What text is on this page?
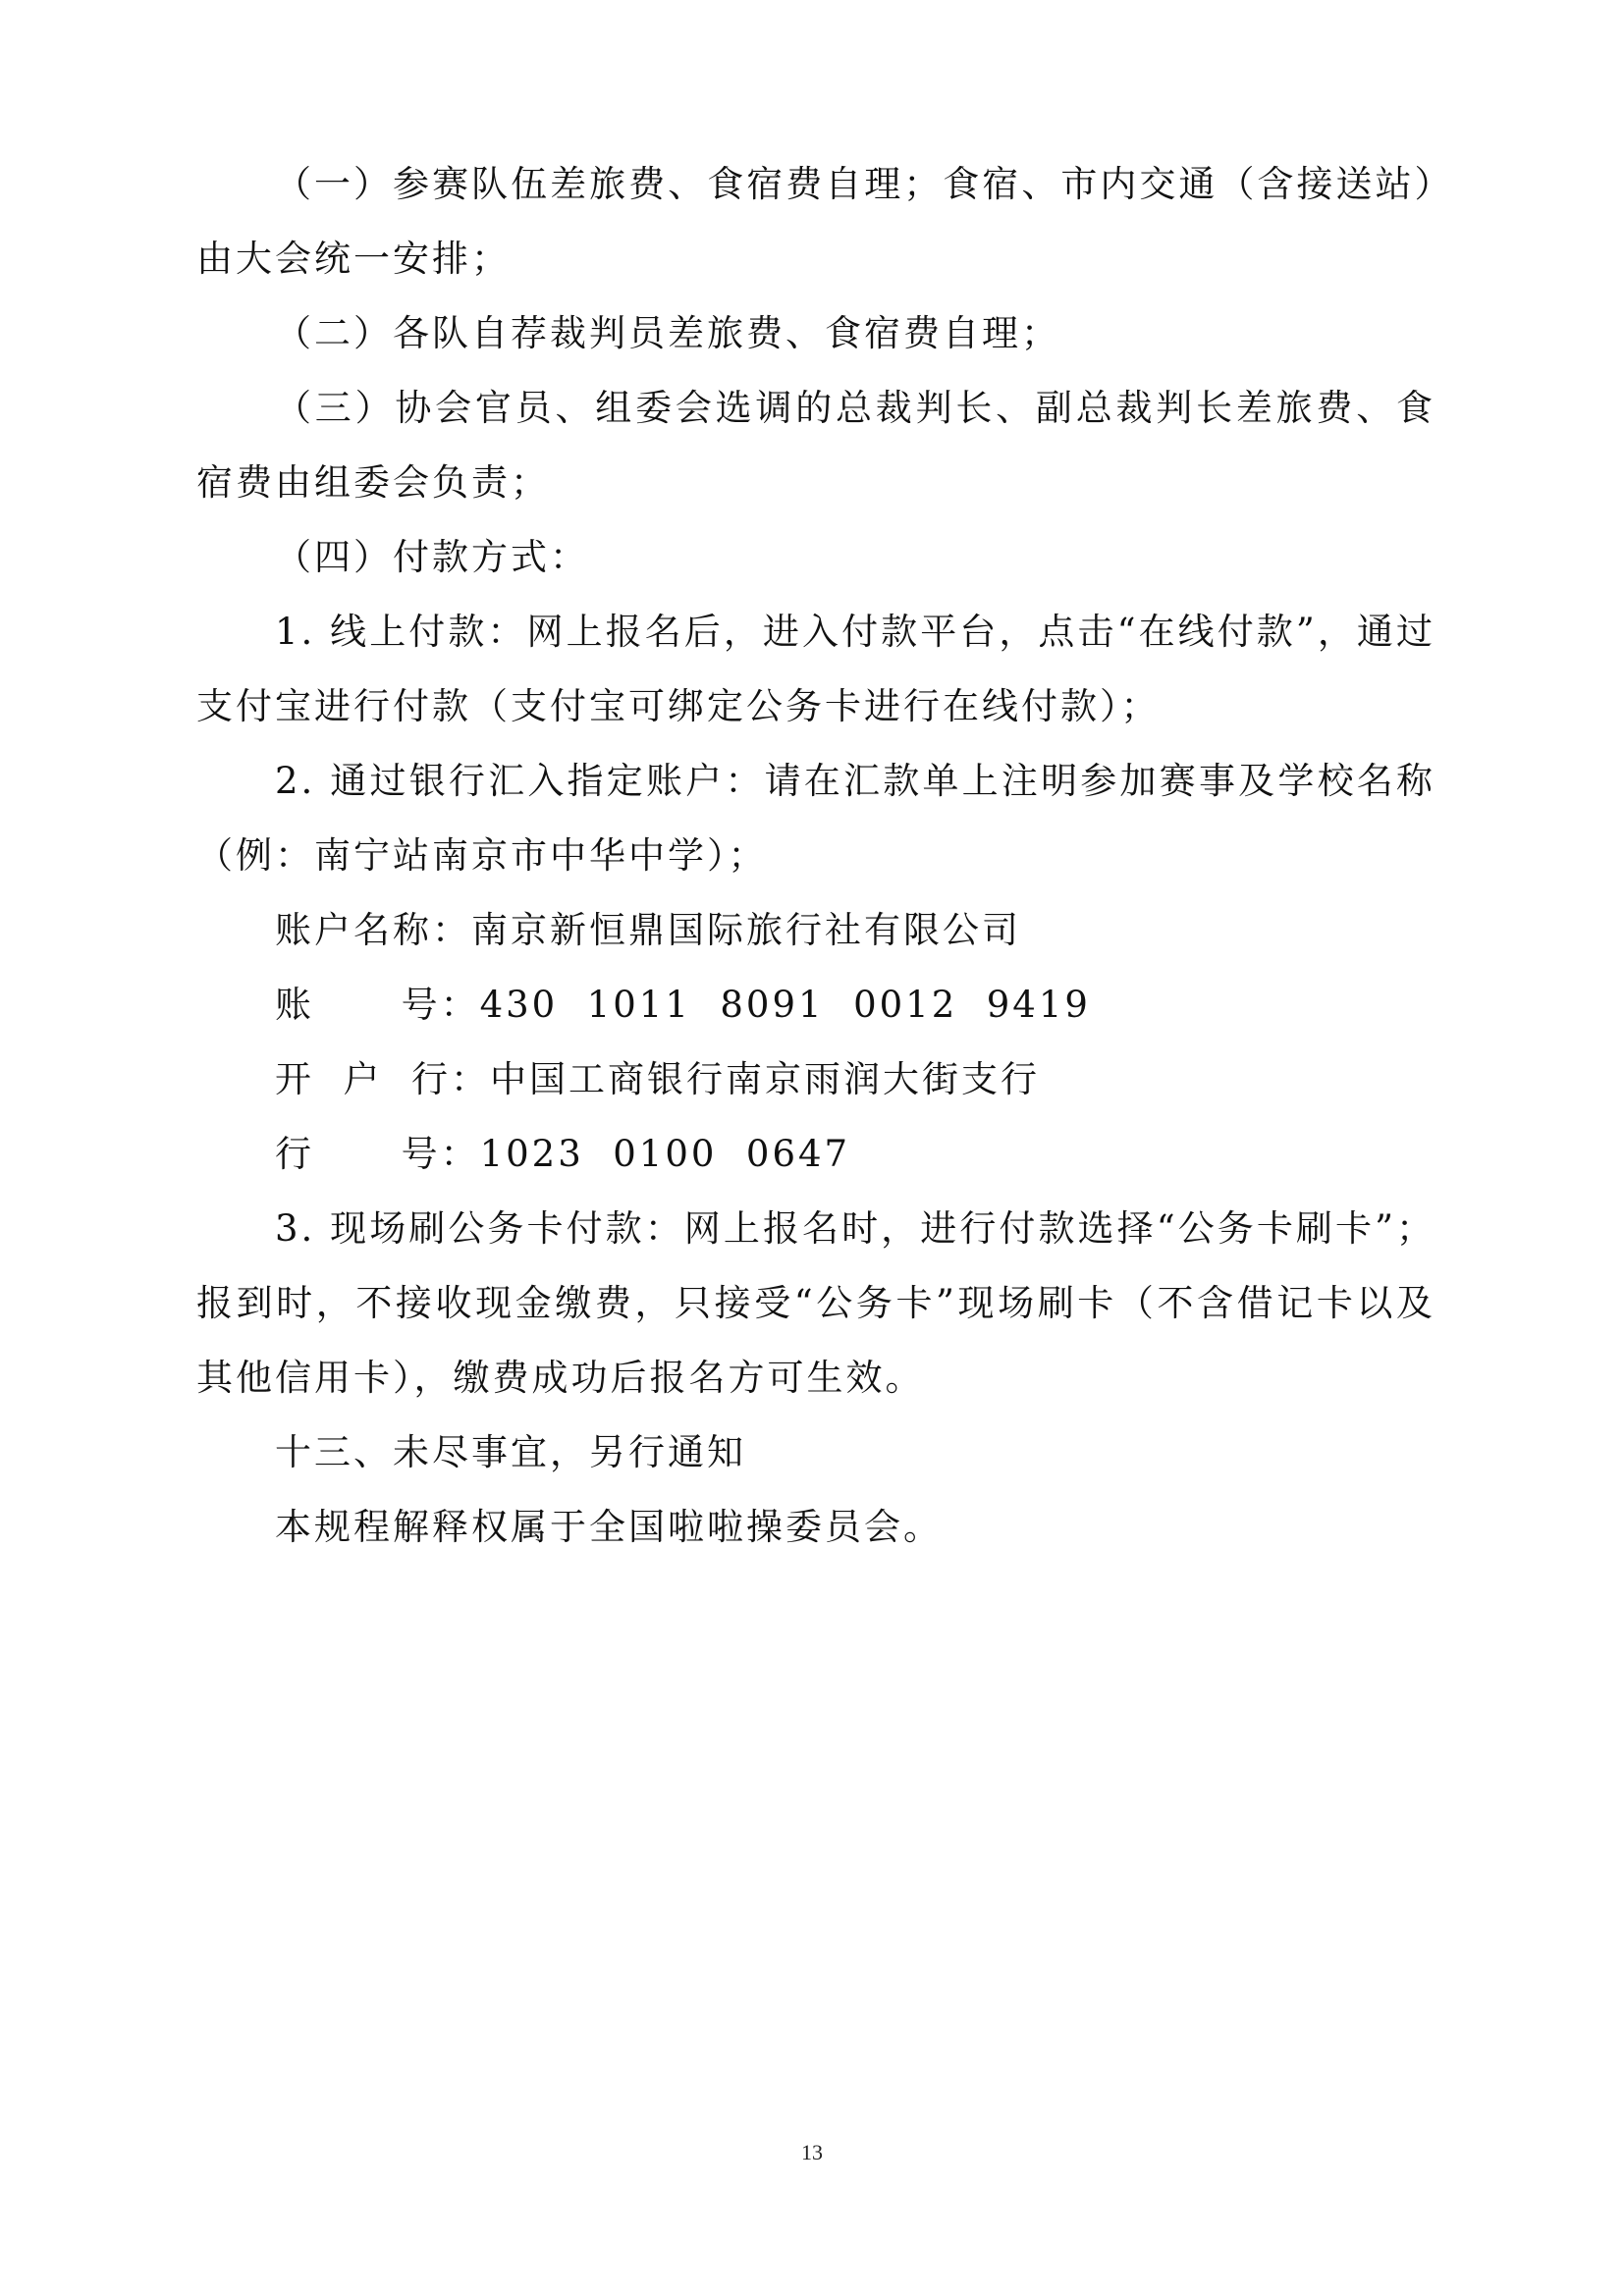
（一）参赛队伍差旅费、食宿费自理；食宿、市内交通（含接送站）由大会统一安排；

（二）各队自荐裁判员差旅费、食宿费自理；

（三）协会官员、组委会选调的总裁判长、副总裁判长差旅费、食宿费由组委会负责；

（四）付款方式：

1. 线上付款：网上报名后，进入付款平台，点击“在线付款”，通过支付宝进行付款（支付宝可绑定公务卡进行在线付款）；

2. 通过银行汇入指定账户：请在汇款单上注明参加赛事及学校名称（例：南宁站南京市中华中学）；

账户名称：南京新恒鼎国际旅行社有限公司

账      号：430  1011  8091  0012  9419

开  户  行：中国工商银行南京雨润大街支行

行      号：1023  0100  0647

3. 现场刷公务卡付款：网上报名时，进行付款选择“公务卡刷卡”；报到时，不接收现金缴费，只接受“公务卡”现场刷卡（不含借记卡以及其他信用卡），缴费成功后报名方可生效。

十三、未尽事宜，另行通知

本规程解释权属于全国啦啦操委员会。

13
